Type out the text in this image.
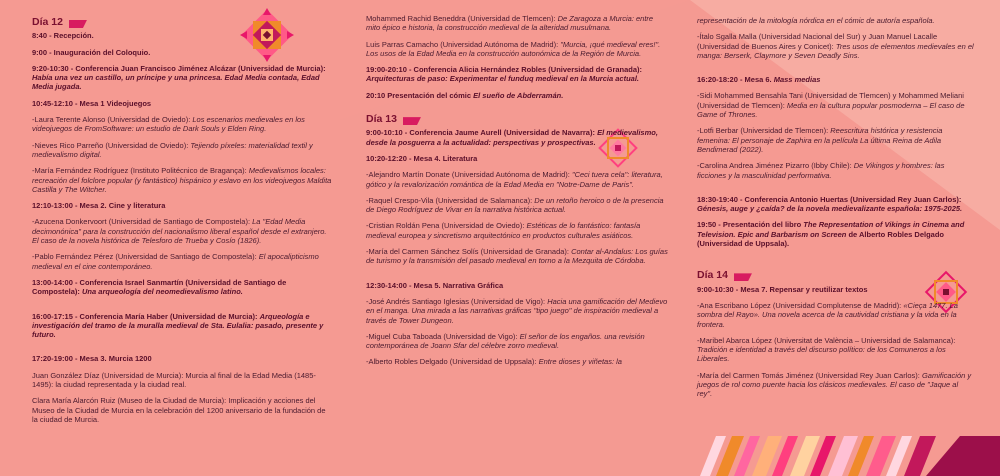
Día 12
8:40 - Recepción.
9:00 - Inauguración del Coloquio.
9:20-10:30 - Conferencia Juan Francisco Jiménez Alcázar (Universidad de Murcia): Había una vez un castillo, un príncipe y una princesa. Edad Media contada, Edad Media jugada.
10:45-12:10 - Mesa 1 Videojuegos
-Laura Terente Alonso (Universidad de Oviedo): Los escenarios medievales en los videojuegos de FromSoftware: un estudio de Dark Souls y Elden Ring.
-Nieves Rico Parreño (Universidad de Oviedo): Tejiendo píxeles: materialidad textil y medievalismo digital.
-María Fernández Rodríguez (Instituto Politécnico de Bragança): Medievalismos locales: recreación del folclore popular (y fantástico) hispánico y eslavo en los videojuegos Maldita Castilla y The Witcher.
12:10-13:00 - Mesa 2. Cine y literatura
-Azucena Donkervoort (Universidad de Santiago de Compostela): La "Edad Media decimonónica" para la construcción del nacionalismo liberal español desde el extranjero. El caso de la novela histórica de Telesforo de Trueba y Cosío (1826).
-Pablo Fernández Pérez (Universidad de Santiago de Compostela): El apocalipticismo medieval en el cine contemporáneo.
13:00-14:00 - Conferencia Israel Sanmartín (Universidad de Santiago de Compostela): Una arqueología del neomedievalismo latino.
16:00-17:15 - Conferencia María Haber (Universidad de Murcia): Arqueología e investigación del tramo de la muralla medieval de Sta. Eulalia: pasado, presente y futuro.
17:20-19:00 - Mesa 3. Murcia 1200
Juan González Díaz (Universidad de Murcia): Murcia al final de la Edad Media (1485-1495): la ciudad representada y la ciudad real.
Clara María Alarcón Ruiz (Museo de la Ciudad de Murcia): Implicación y acciones del Museo de la Ciudad de Murcia en la celebración del 1200 aniversario de la fundación de la ciudad de Murcia.
Mohammed Rachid Beneddra (Universidad de Tlemcen): De Zaragoza a Murcia: entre mito épico e historia, la construcción medieval de la alteridad musulmana.
Luis Parras Camacho (Universidad Autónoma de Madrid): "Murcia, ¡qué medieval eres!". Los usos de la Edad Media en la construcción autonómica de la Región de Murcia.
19:00-20:10 - Conferencia Alicia Hernández Robles (Universidad de Granada): Arquitecturas de paso: Experimentar el funduq medieval en la Murcia actual.
20:10 Presentación del cómic El sueño de Abderramán.
Día 13
9:00-10:10 - Conferencia Jaume Aurell (Universidad de Navarra): El medievalismo, desde la posguerra a la actualidad: perspectivas y prospectivas.
10:20-12:20 - Mesa 4. Literatura
-Alejandro Martín Donate (Universidad Autónoma de Madrid): "Ceci tuera cela": literatura, gótico y la revalorización romántica de la Edad Media en "Notre-Dame de Paris".
-Raquel Crespo-Vila (Universidad de Salamanca): De un retoño heroico o de la presencia de Diego Rodríguez de Vivar en la narrativa histórica actual.
-Cristian Roldán Pena (Universidad de Oviedo): Estéticas de lo fantástico: fantasía medieval europea y sincretismo arquitectónico en productos culturales asiáticos.
-María del Carmen Sánchez Solís (Universidad de Granada): Contar al-Andalus: Los guías de turismo y la transmisión del pasado medieval en torno a la Mezquita de Córdoba.
12:30-14:00 - Mesa 5. Narrativa Gráfica
-José Andrés Santiago Iglesias (Universidad de Vigo): Hacia una gamificación del Medievo en el manga. Una mirada a las narrativas gráficas "tipo juego" de inspiración medieval a través de Tower Dungeon.
-Miguel Cuba Taboada (Universidad de Vigo): El señor de los engaños. una revisión contemporánea de Joann Sfar del célebre zorro medieval.
-Alberto Robles Delgado (Universidad de Uppsala): Entre dioses y viñetas: la
representación de la mitología nórdica en el cómic de autoría española.
-Ítalo Sgalla Malla (Universidad Nacional del Sur) y Juan Manuel Lacalle (Universidad de Buenos Aires y Conicet): Tres usos de elementos medievales en el manga: Berserk, Claymore y Seven Deadly Sins.
16:20-18:20 - Mesa 6. Mass medias
-Sidi Mohammed Bensahla Tani (Universidad de Tlemcen) y Mohammed Meliani (Universidad de Tlemcen): Media en la cultura popular posmoderna – El caso de Game of Thrones.
-Lotfi Berbar (Universidad de Tlemcen): Reescritura histórica y resistencia femenina: El personaje de Zaphira en la película La última Reina de Adila Bendimerad (2022).
-Carolina Andrea Jiménez Pizarro (Ibby Chile): De Vikingos y hombres: las ficciones y la masculinidad performativa.
18:30-19:40 - Conferencia Antonio Huertas (Universidad Rey Juan Carlos): Génesis, auge y ¿caída? de la novela medievalizante española: 1975-2025.
19:50 - Presentación del libro The Representation of Vikings in Cinema and Television. Epic and Barbarism on Screen de Alberto Robles Delgado (Universidad de Uppsala).
Día 14
9:00-10:30 - Mesa 7. Repensar y reutilizar textos
-Ana Escribano López (Universidad Complutense de Madrid): «Cieça 1477. La sombra del Rayo». Una novela acerca de la cautividad cristiana y la vida en la frontera.
-Maribel Abarca López (Universitat de València – Universidad de Salamanca): Tradición e identidad a través del discurso político: de los Comuneros a los Liberales.
-María del Carmen Tomás Jiménez (Universidad Rey Juan Carlos): Gamificación y juegos de rol como puente hacia los clásicos medievales. El caso de "Jaque al rey".
